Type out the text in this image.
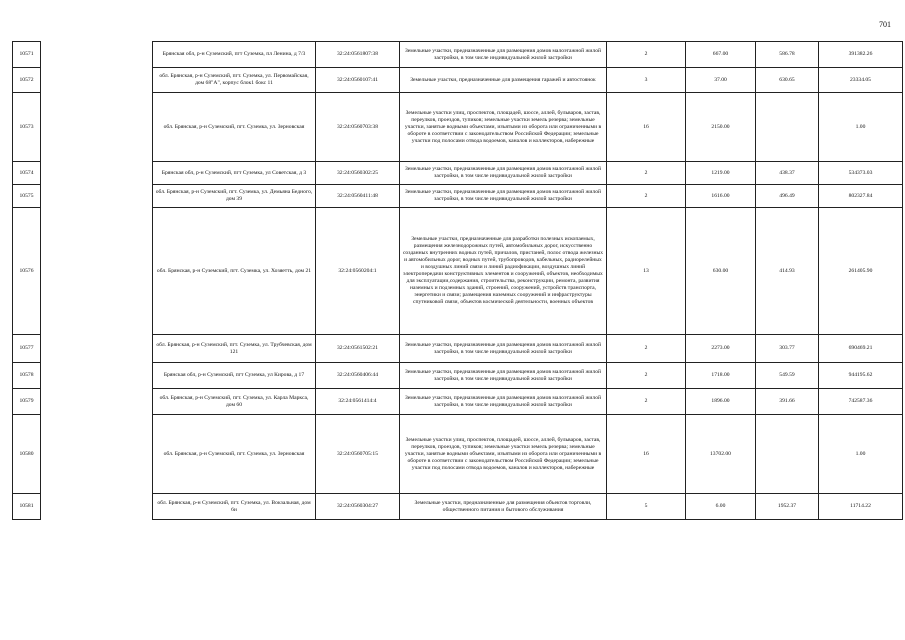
701
10571		Брянская обл, р-н Суземский, пгт Суземка, пл Ленина, д 7/3	32:24:0561807:38	Земельные участки, предназначенные для размещения домов малоэтажной жилой застройки, в том числе индивидуальной жилой застройки	2	667.00	586.78	391382.26
10572		обл. Брянская, р-н Суземский, пгт. Суземка, ул. Первомайская, дом 68"А", корпус блок1 бокс 11	32:24:0560107:41	Земельные участки, предназначенные для размещения гаражей и автостоянок	3	37.00	630.65	23334.05
10573		обл. Брянская, р-н Суземский, пгт. Суземка, ул. Зерновская	32:24:0560703:38	Земельные участки улиц, проспектов, площадей, шоссе, аллей, бульваров, застав, переулков, проездов, тупиков; земельные участки земель резерва; земельные участки, занятые водными объектами, изъятыми из оборота или ограниченными в обороте в соответствии с законодательством Российской Федерации; земельные участки под полосами отвода водоемов, каналов и коллекторов, набережные	16	2150.00		1.00
10574		Брянская обл, р-н Суземский, пгт Суземка, ул Советская, д 3	32:24:0560302:25	Земельные участки, предназначенные для размещения домов малоэтажной жилой застройки, в том числе индивидуальной жилой застройки	2	1219.00	438.37	534373.03
10575		обл. Брянская, р-н Суземский, пгт. Суземка, ул. Демьяна Бедного, дом 39	32:24:0560411:48	Земельные участки, предназначенные для размещения домов малоэтажной жилой застройки, в том числе индивидуальной жилой застройки	2	1616.00	496.49	802327.84
10576		обл. Брянская, р-н Суземский, пгт. Суземка, ул. Хозяетть, дом 21	32:24:0560204:1	Земельные участки, предназначенные для разработки полезных ископаемых, размещения железнодорожных путей, автомобильных дорог, искусственно созданных внутренних водных путей, причалов, пристаней, полос отвода железных и автомобильных дорог, водных путей, трубопроводов, кабельных, радиорелейных и воздушных линий связи и линий радиофикации, воздушных линий электропередачи конструктивных элементов и сооружений, объектов, необходимых для эксплуатации,содержания, строительства, реконструкции, ремонта, развития наземных и подземных зданий, строений, сооружений, устройств транспорта, энергетики и связи; размещения наземных сооружений и инфраструктуры спутниковой связи, объектов космической деятельности, военных объектов	13	630.00	414.93	261405.90
10577		обл. Брянская, р-н Суземский, пгт. Суземка, ул. Трубчевская, дом 121	32:24:0561502:21	Земельные участки, предназначенные для размещения домов малоэтажной жилой застройки, в том числе индивидуальной жилой застройки	2	2273.00	303.77	690469.21
10578		Брянская обл, р-н Суземский, пгт Суземка, ул Кирова, д 17	32:24:0560406:44	Земельные участки, предназначенные для размещения домов малоэтажной жилой застройки, в том числе индивидуальной жилой застройки	2	1718.00	549.59	944195.62
10579		обл. Брянская, р-н Суземский, пгт. Суземка, ул. Карла Маркса, дом 60	32:24:0561414:4	Земельные участки, предназначенные для размещения домов малоэтажной жилой застройки, в том числе индивидуальной жилой застройки	2	1896.00	391.66	742587.36
10580		обл. Брянская, р-н Суземский, пгт. Суземка, ул. Зерновская	32:24:0560705:15	Земельные участки улиц, проспектов, площадей, шоссе, аллей, бульваров, застав, переулков, проездов, тупиков; земельные участки земель резерва; земельные участки, занятые водными объектами, изъятыми из оборота или ограниченными в обороте в соответствии с законодательством Российской Федерации; земельные участки под полосами отвода водоемов, каналов и коллекторов, набережные	16	13702.00		1.00
10581		обл. Брянская, р-н Суземский, пгт. Суземка, ул. Вокзальная, дом 6и	32:24:0560304:27	Земельные участки, предназначенные для размещения объектов торговли, общественного питания и бытового обслуживания	5	6.00	1952.37	11714.22
